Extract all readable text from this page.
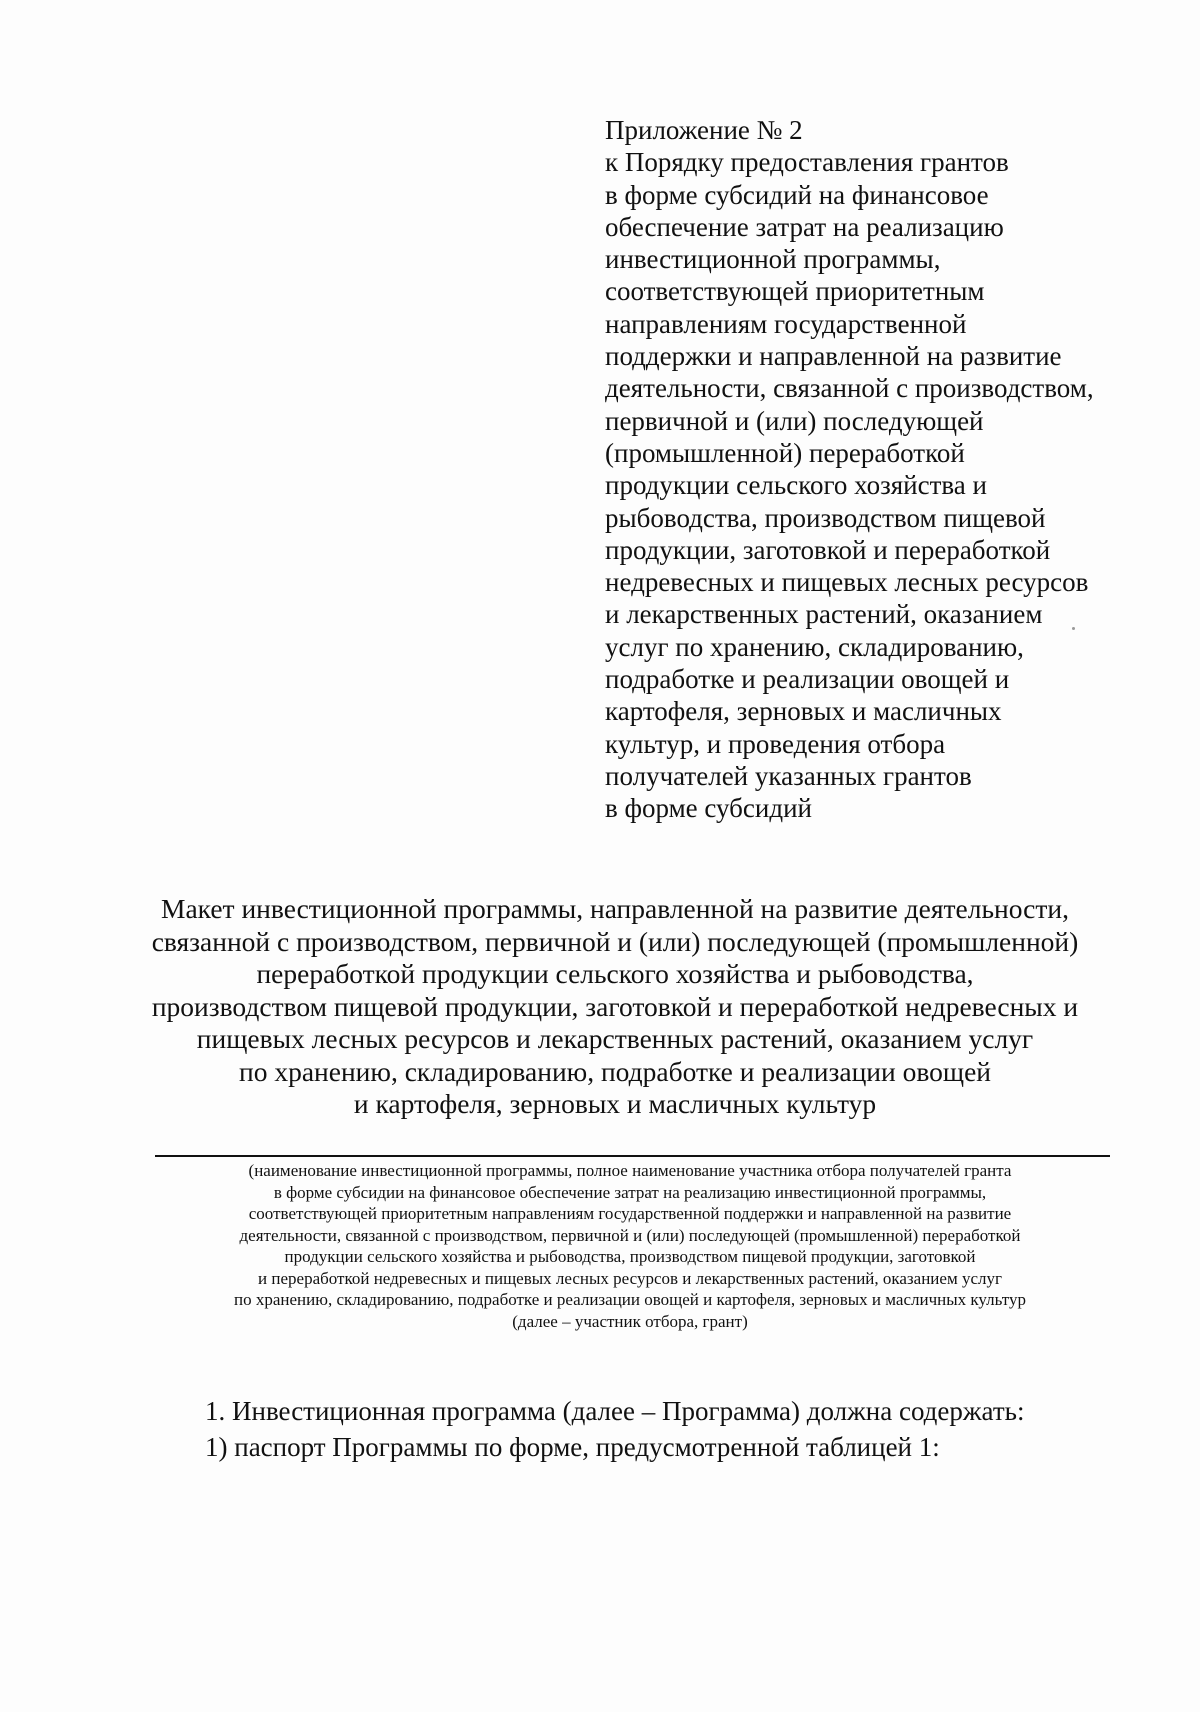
Приложение № 2
к Порядку предоставления грантов
в форме субсидий на финансовое
обеспечение затрат на реализацию
инвестиционной программы,
соответствующей приоритетным
направлениям государственной
поддержки и направленной на развитие
деятельности, связанной с производством,
первичной и (или) последующей
(промышленной) переработкой
продукции сельского хозяйства и
рыбоводства, производством пищевой
продукции, заготовкой и переработкой
недревесных и пищевых лесных ресурсов
и лекарственных растений, оказанием
услуг по хранению, складированию,
подработке и реализации овощей и
картофеля, зерновых и масличных
культур, и проведения отбора
получателей указанных грантов
в форме субсидий
Макет инвестиционной программы, направленной на развитие деятельности,
связанной с производством, первичной и (или) последующей (промышленной)
переработкой продукции сельского хозяйства и рыбоводства,
производством пищевой продукции, заготовкой и переработкой недревесных и
пищевых лесных ресурсов и лекарственных растений, оказанием услуг
по хранению, складированию, подработке и реализации овощей
и картофеля, зерновых и масличных культур
(наименование инвестиционной программы, полное наименование участника отбора получателей гранта
в форме субсидии на финансовое обеспечение затрат на реализацию инвестиционной программы,
соответствующей приоритетным направлениям государственной поддержки и направленной на развитие
деятельности, связанной с производством, первичной и (или) последующей (промышленной) переработкой
продукции сельского хозяйства и рыбоводства, производством пищевой продукции, заготовкой
и переработкой недревесных и пищевых лесных ресурсов и лекарственных растений, оказанием услуг
по хранению, складированию, подработке и реализации овощей и картофеля, зерновых и масличных культур
(далее – участник отбора, грант)
1. Инвестиционная программа (далее – Программа) должна содержать:
1) паспорт Программы по форме, предусмотренной таблицей 1:
